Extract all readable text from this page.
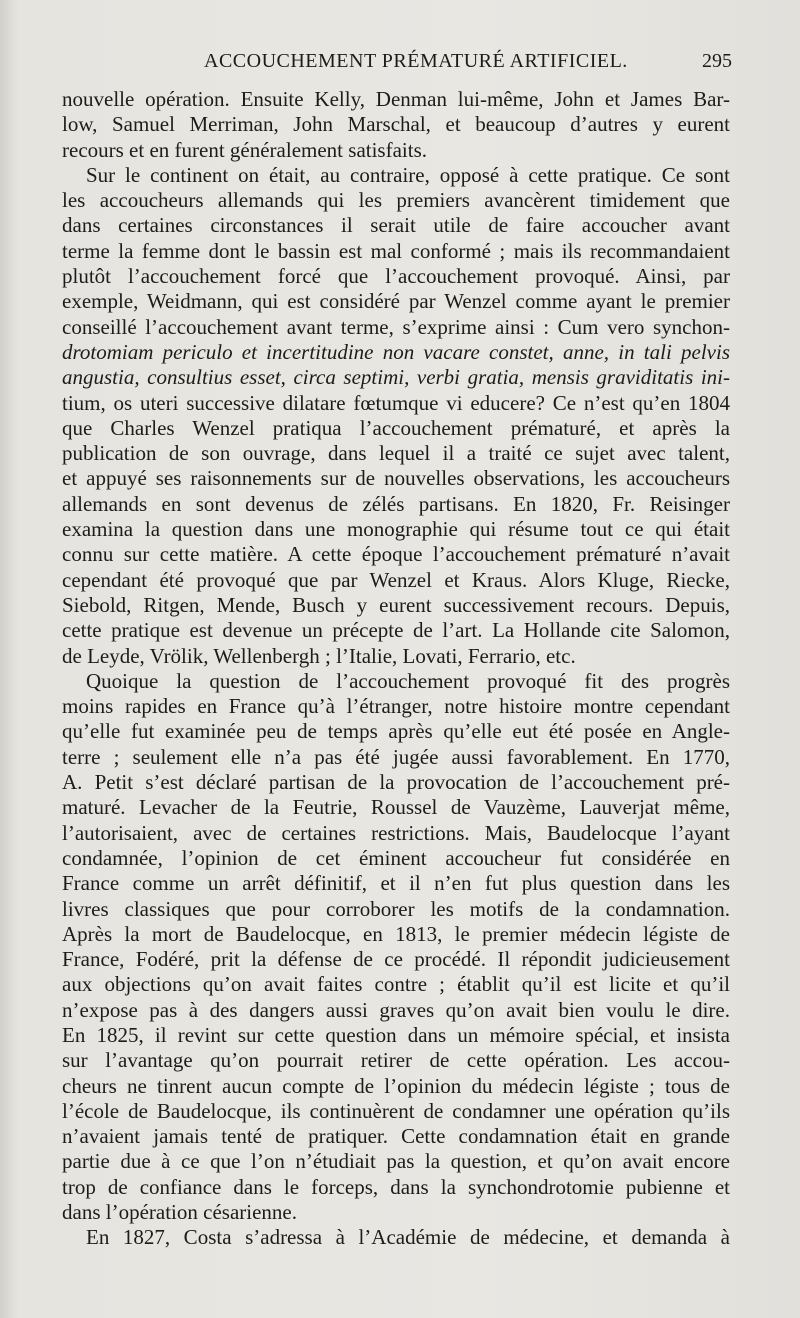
ACCOUCHEMENT PRÉMATURÉ ARTIFICIEL.	295
nouvelle opération. Ensuite Kelly, Denman lui-même, John et James Bar-
low, Samuel Merriman, John Marschal, et beaucoup d’autres y eurent
recours et en furent généralement satisfaits.
Sur le continent on était, au contraire, opposé à cette pratique. Ce sont
les accoucheurs allemands qui les premiers avancèrent timidement que
dans certaines circonstances il serait utile de faire accoucher avant
terme la femme dont le bassin est mal conformé ; mais ils recommandaient
plutôt l’accouchement forcé que l’accouchement provoqué. Ainsi, par
exemple, Weidmann, qui est considéré par Wenzel comme ayant le premier
conseillé l’accouchement avant terme, s’exprime ainsi : Cum vero synchon-
drotomiam periculo et incertitudine non vacare constet, anne, in tali pelvis
angustia, consultius esset, circa septimi, verbi gratia, mensis graviditatis ini-
tium, os uteri successive dilatare fœtumque vi educere? Ce n’est qu’en 1804
que Charles Wenzel pratiqua l’accouchement prématuré, et après la
publication de son ouvrage, dans lequel il a traité ce sujet avec talent,
et appuyé ses raisonnements sur de nouvelles observations, les accoucheurs
allemands en sont devenus de zélés partisans. En 1820, Fr. Reisinger
examina la question dans une monographie qui résume tout ce qui était
connu sur cette matière. A cette époque l’accouchement prématuré n’avait
cependant été provoqué que par Wenzel et Kraus. Alors Kluge, Riecke,
Siebold, Ritgen, Mende, Busch y eurent successivement recours. Depuis,
cette pratique est devenue un précepte de l’art. La Hollande cite Salomon,
de Leyde, Vrölik, Wellenbergh ; l’Italie, Lovati, Ferrario, etc.
Quoique la question de l’accouchement provoqué fit des progrès
moins rapides en France qu’à l’étranger, notre histoire montre cependant
qu’elle fut examinée peu de temps après qu’elle eut été posée en Angle-
terre ; seulement elle n’a pas été jugée aussi favorablement. En 1770,
A. Petit s’est déclaré partisan de la provocation de l’accouchement pré-
maturé. Levacher de la Feutrie, Roussel de Vauzème, Lauverjat même,
l’autorisaient, avec de certaines restrictions. Mais, Baudelocque l’ayant
condamnée, l’opinion de cet éminent accoucheur fut considérée en
France comme un arrêt définitif, et il n’en fut plus question dans les
livres classiques que pour corroborer les motifs de la condamnation.
Après la mort de Baudelocque, en 1813, le premier médecin légiste de
France, Fodéré, prit la défense de ce procédé. Il répondit judicieusement
aux objections qu’on avait faites contre ; établit qu’il est licite et qu’il
n’expose pas à des dangers aussi graves qu’on avait bien voulu le dire.
En 1825, il revint sur cette question dans un mémoire spécial, et insista
sur l’avantage qu’on pourrait retirer de cette opération. Les accou-
cheurs ne tinrent aucun compte de l’opinion du médecin légiste ; tous de
l’école de Baudelocque, ils continuèrent de condamner une opération qu’ils
n’avaient jamais tenté de pratiquer. Cette condamnation était en grande
partie due à ce que l’on n’étudiait pas la question, et qu’on avait encore
trop de confiance dans le forceps, dans la synchondrotomie pubienne et
dans l’opération césarienne.
En 1827, Costa s’adressa à l’Académie de médecine, et demanda à
